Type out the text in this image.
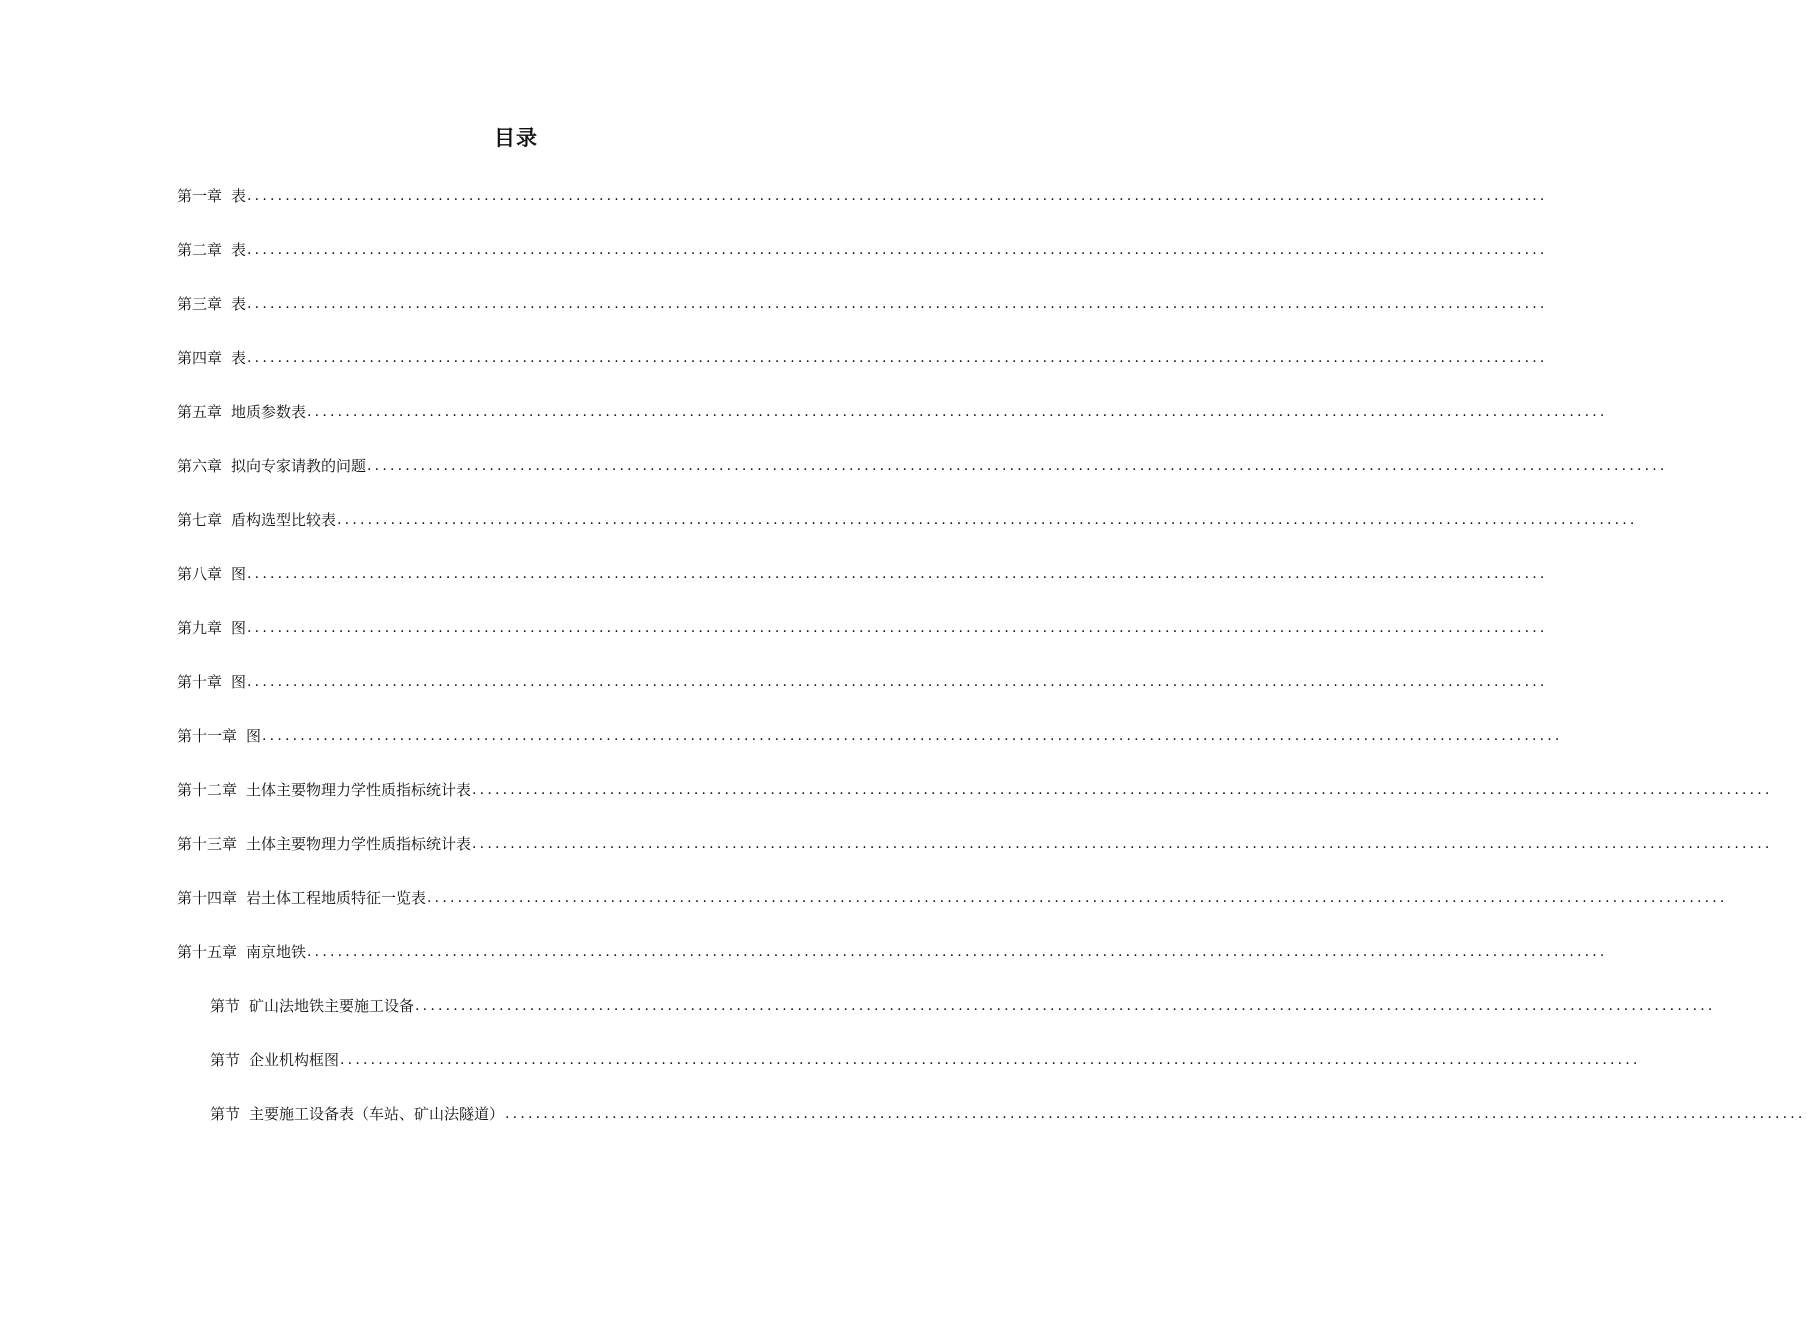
目录
第一章 表 ..........................................................................................................................................................................
第二章 表 ..........................................................................................................................................................................
第三章 表 ..........................................................................................................................................................................
第四章 表 ..........................................................................................................................................................................
第五章 地质参数表 ..........................................................................................................................................................................
第六章 拟向专家请教的问题 ..........................................................................................................................................................................
第七章 盾构选型比较表 ..........................................................................................................................................................................
第八章 图 ..........................................................................................................................................................................
第九章 图 ..........................................................................................................................................................................
第十章 图 ..........................................................................................................................................................................
第十一章 图 ..........................................................................................................................................................................
第十二章 土体主要物理力学性质指标统计表 ..........................................................................................................................................................................
第十三章 土体主要物理力学性质指标统计表 ..........................................................................................................................................................................
第十四章 岩土体工程地质特征一览表 ..........................................................................................................................................................................
第十五章 南京地铁 ..........................................................................................................................................................................
第节 矿山法地铁主要施工设备 ..........................................................................................................................................................................
第节 企业机构框图 ..........................................................................................................................................................................
第节 主要施工设备表（车站、矿山法隧道） ..........................................................................................................................................................................
